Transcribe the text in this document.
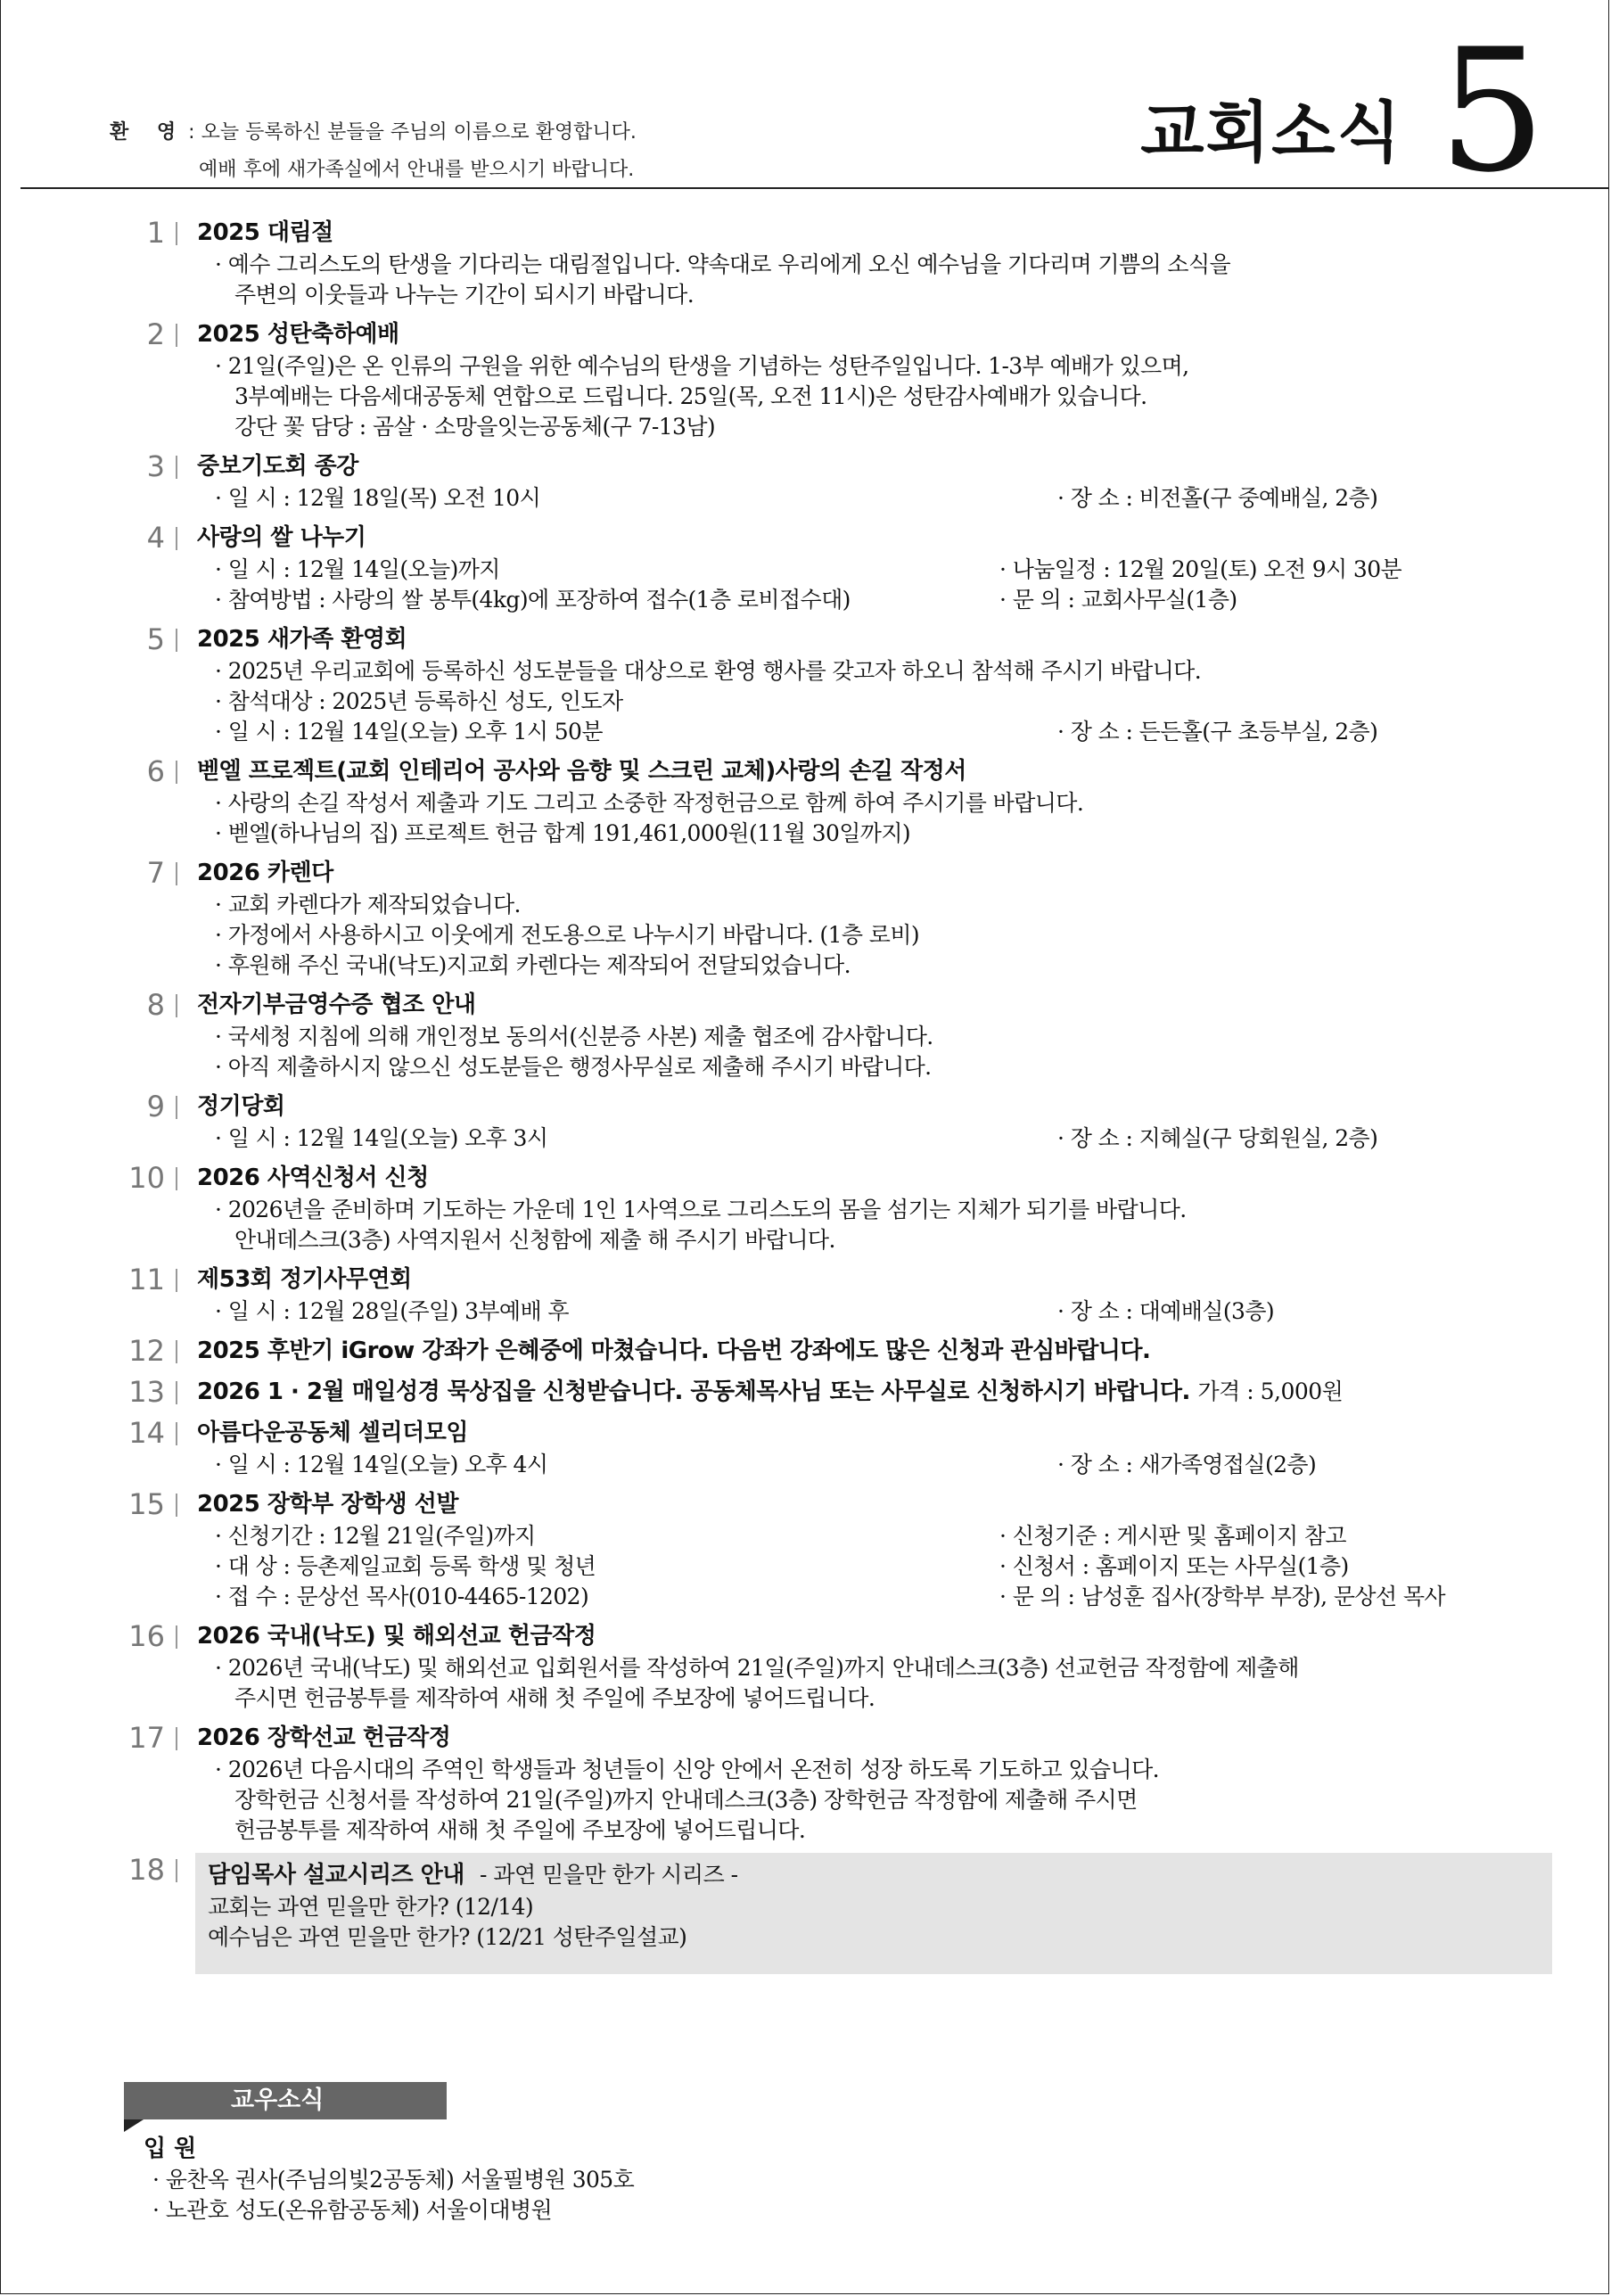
환 영: 오늘 등록하신 분들을 주님의 이름으로 환영합니다.
예배 후에 새가족실에서 안내를 받으시기 바랍니다.	교회소식 5
1	2025 대림절
· 예수 그리스도의 탄생을 기다리는 대림절입니다. 약속대로 우리에게 오신 예수님을 기다리며 기쁨의 소식을
주변의 이웃들과 나누는 기간이 되시기 바랍니다.
2	2025 성탄축하예배
· 21일(주일)은 온 인류의 구원을 위한 예수님의 탄생을 기념하는 성탄주일입니다. 1-3부 예배가 있으며,
3부예배는 다음세대공동체 연합으로 드립니다. 25일(목, 오전 11시)은 성탄감사예배가 있습니다.
강단 꽃 담당 : 곰살 · 소망을잇는공동체(구 7-13남)
3	중보기도회 종강
· 일 시 : 12월 18일(목) 오전 10시	· 장 소 : 비전홀(구 중예배실, 2층)
4	사랑의 쌀 나누기
· 일 시 : 12월 14일(오늘)까지	· 나눔일정 : 12월 20일(토) 오전 9시 30분
· 참여방법 : 사랑의 쌀 봉투(4kg)에 포장하여 접수(1층 로비접수대)	· 문 의 : 교회사무실(1층)
5	2025 새가족 환영회
· 2025년 우리교회에 등록하신 성도분들을 대상으로 환영 행사를 갖고자 하오니 참석해 주시기 바랍니다.
· 참석대상 : 2025년 등록하신 성도, 인도자
· 일 시 : 12월 14일(오늘) 오후 1시 50분	· 장 소 : 든든홀(구 초등부실, 2층)
6	벧엘 프로젝트(교회 인테리어 공사와 음향 및 스크린 교체)사랑의 손길 작정서
· 사랑의 손길 작성서 제출과 기도 그리고 소중한 작정헌금으로 함께 하여 주시기를 바랍니다.
· 벧엘(하나님의 집) 프로젝트 헌금 합계 191,461,000원(11월 30일까지)
7	2026 카렌다
· 교회 카렌다가 제작되었습니다.
· 가정에서 사용하시고 이웃에게 전도용으로 나누시기 바랍니다. (1층 로비)
· 후원해 주신 국내(낙도)지교회 카렌다는 제작되어 전달되었습니다.
8	전자기부금영수증 협조 안내
· 국세청 지침에 의해 개인정보 동의서(신분증 사본) 제출 협조에 감사합니다.
· 아직 제출하시지 않으신 성도분들은 행정사무실로 제출해 주시기 바랍니다.
9	정기당회
· 일 시 : 12월 14일(오늘) 오후 3시	· 장 소 : 지혜실(구 당회원실, 2층)
10	2026 사역신청서 신청
· 2026년을 준비하며 기도하는 가운데 1인 1사역으로 그리스도의 몸을 섬기는 지체가 되기를 바랍니다.
안내데스크(3층) 사역지원서 신청함에 제출 해 주시기 바랍니다.
11	제53회 정기사무연회
· 일 시 : 12월 28일(주일) 3부예배 후	· 장 소 : 대예배실(3층)
12	2025 후반기 iGrow 강좌가 은혜중에 마쳤습니다. 다음번 강좌에도 많은 신청과 관심바랍니다.
13	2026 1 · 2월 매일성경 묵상집을 신청받습니다. 공동체목사님 또는 사무실로 신청하시기 바랍니다. 가격 : 5,000원
14	아름다운공동체 셀리더모임
· 일 시 : 12월 14일(오늘) 오후 4시	· 장 소 : 새가족영접실(2층)
15	2025 장학부 장학생 선발
· 신청기간 : 12월 21일(주일)까지	· 신청기준 : 게시판 및 홈페이지 참고
· 대 상 : 등촌제일교회 등록 학생 및 청년	· 신청서 : 홈페이지 또는 사무실(1층)
· 접 수 : 문상선 목사(010-4465-1202)	· 문 의 : 남성훈 집사(장학부 부장), 문상선 목사
16	2026 국내(낙도) 및 해외선교 헌금작정
· 2026년 국내(낙도) 및 해외선교 입회원서를 작성하여 21일(주일)까지 안내데스크(3층) 선교헌금 작정함에 제출해
주시면 헌금봉투를 제작하여 새해 첫 주일에 주보장에 넣어드립니다.
17	2026 장학선교 헌금작정
· 2026년 다음시대의 주역인 학생들과 청년들이 신앙 안에서 온전히 성장 하도록 기도하고 있습니다.
장학헌금 신청서를 작성하여 21일(주일)까지 안내데스크(3층) 장학헌금 작정함에 제출해 주시면
헌금봉투를 제작하여 새해 첫 주일에 주보장에 넣어드립니다.
18	담임목사 설교시리즈 안내 - 과연 믿을만 한가 시리즈 -
교회는 과연 믿을만 한가? (12/14)
예수님은 과연 믿을만 한가? (12/21 성탄주일설교)
교우소식
입 원
· 윤찬옥 권사(주님의빛2공동체) 서울필병원 305호
· 노관호 성도(온유함공동체) 서울이대병원
